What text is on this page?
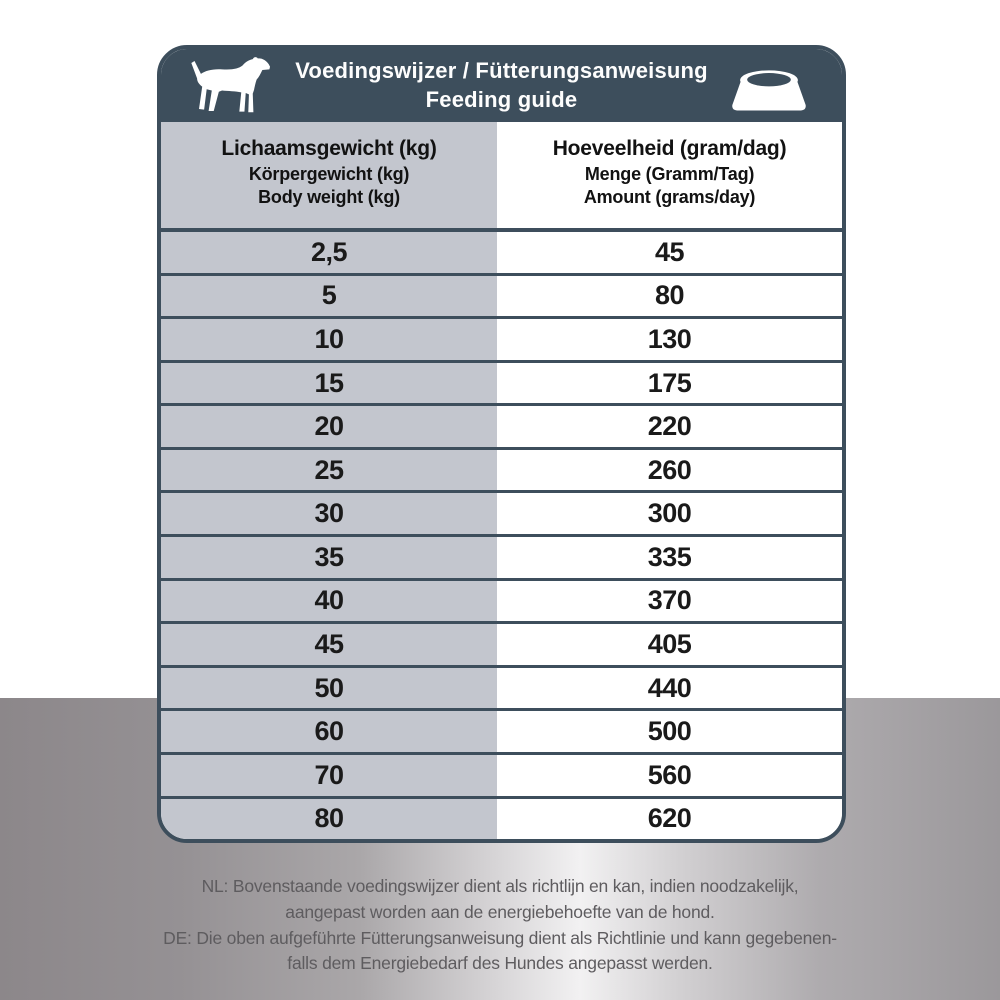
Voedingswijzer / Fütterungsanweisung
Feeding guide
Lichaamsgewicht (kg)
Körpergewicht (kg)
Body weight (kg)
Hoeveelheid (gram/dag)
Menge (Gramm/Tag)
Amount (grams/day)
2,5	45
5	80
10	130
15	175
20	220
25	260
30	300
35	335
40	370
45	405
50	440
60	500
70	560
80	620
NL: Bovenstaande voedingswijzer dient als richtlijn en kan, indien noodzakelijk,
aangepast worden aan de energiebehoefte van de hond.
DE: Die oben aufgeführte Fütterungsanweisung dient als Richtlinie und kann gegebenen-
falls dem Energiebedarf des Hundes angepasst werden.
